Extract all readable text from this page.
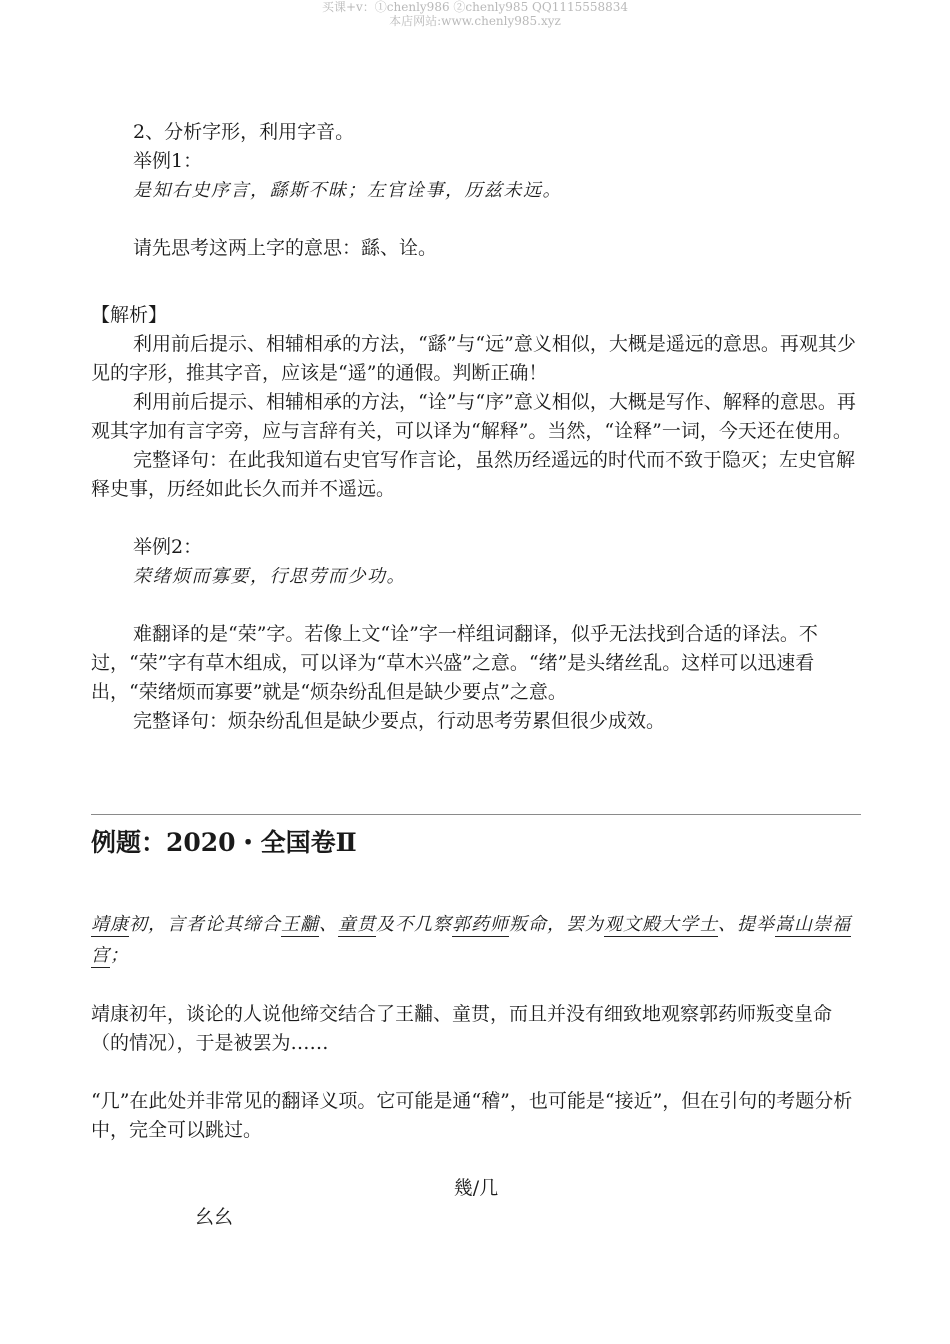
买课+v：①chenly986 ②chenly985 QQ1115558834
本店网站:www.chenly985.xyz

2、分析字形，利用字音。

举例1：

是知右史序言，繇斯不昧；左官诠事，历兹未远。

请先思考这两上字的意思：繇、诠。

【解析】

利用前后提示、相辅相承的方法，“繇”与“远”意义相似，大概是遥远的意思。再观其少见的字形，推其字音，应该是“遥”的通假。判断正确！

利用前后提示、相辅相承的方法，“诠”与“序”意义相似，大概是写作、解释的意思。再观其字加有言字旁，应与言辞有关，可以译为“解释”。当然，“诠释”一词，今天还在使用。

完整译句：在此我知道右史官写作言论，虽然历经遥远的时代而不致于隐灭；左史官解释史事，历经如此长久而并不遥远。

举例2：

荣绪烦而寡要，行思劳而少功。

难翻译的是“荣”字。若像上文“诠”字一样组词翻译，似乎无法找到合适的译法。不过，“荣”字有草木组成，可以译为“草木兴盛”之意。“绪”是头绪丝乱。这样可以迅速看出，“荣绪烦而寡要”就是“烦杂纷乱但是缺少要点”之意。

完整译句：烦杂纷乱但是缺少要点，行动思考劳累但很少成效。

例题：2020・全国卷Ⅱ

靖康初，言者论其缔合王黼、童贯及不几察郭药师叛命，罢为观文殿大学士、提举嵩山崇福宫；

靖康初年，谈论的人说他缔交结合了王黼、童贯，而且并没有细致地观察郭药师叛变皇命（的情况），于是被罢为……

“几”在此处并非常见的翻译义项。它可能是通“稽”，也可能是“接近”，但在引句的考题分析中，完全可以跳过。

幾/几

幺幺
